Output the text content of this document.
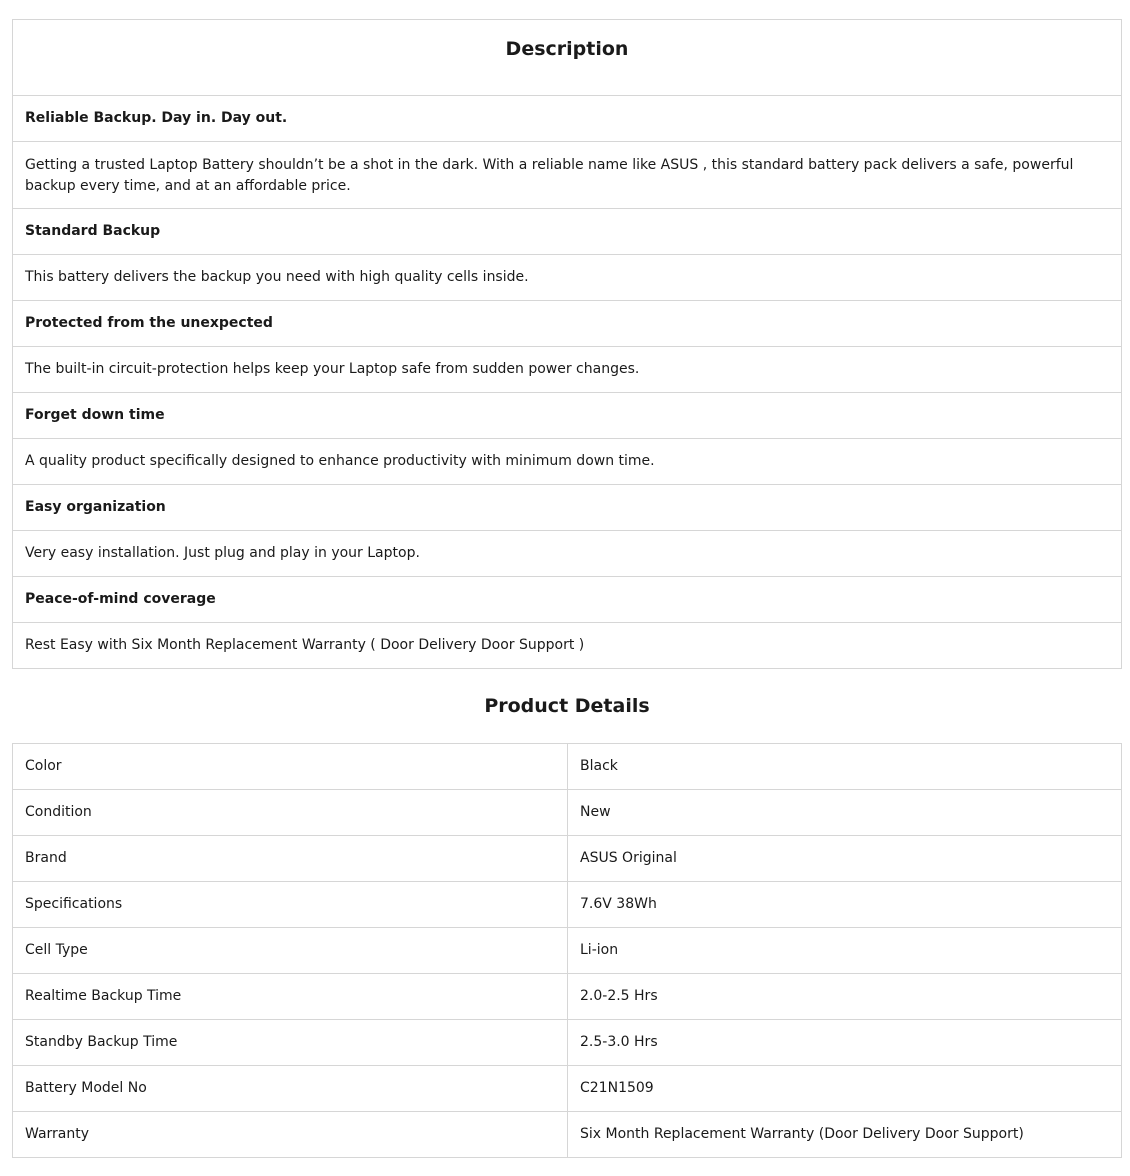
Description
Reliable Backup. Day in. Day out.
Getting a trusted Laptop Battery shouldn’t be a shot in the dark. With a reliable name like ASUS , this standard battery pack delivers a safe, powerful backup every time, and at an affordable price.
Standard Backup
This battery delivers the backup you need with high quality cells inside.
Protected from the unexpected
The built-in circuit-protection helps keep your Laptop safe from sudden power changes.
Forget down time
A quality product specifically designed to enhance productivity with minimum down time.
Easy organization
Very easy installation. Just plug and play in your Laptop.
Peace-of-mind coverage
Rest Easy with Six Month Replacement Warranty ( Door Delivery Door Support )
Product Details
Color	Black
Condition	New
Brand	ASUS Original
Specifications	7.6V 38Wh
Cell Type	Li-ion
Realtime Backup Time	2.0-2.5 Hrs
Standby Backup Time	2.5-3.0 Hrs
Battery Model No	C21N1509
Warranty	Six Month Replacement Warranty (Door Delivery Door Support)
